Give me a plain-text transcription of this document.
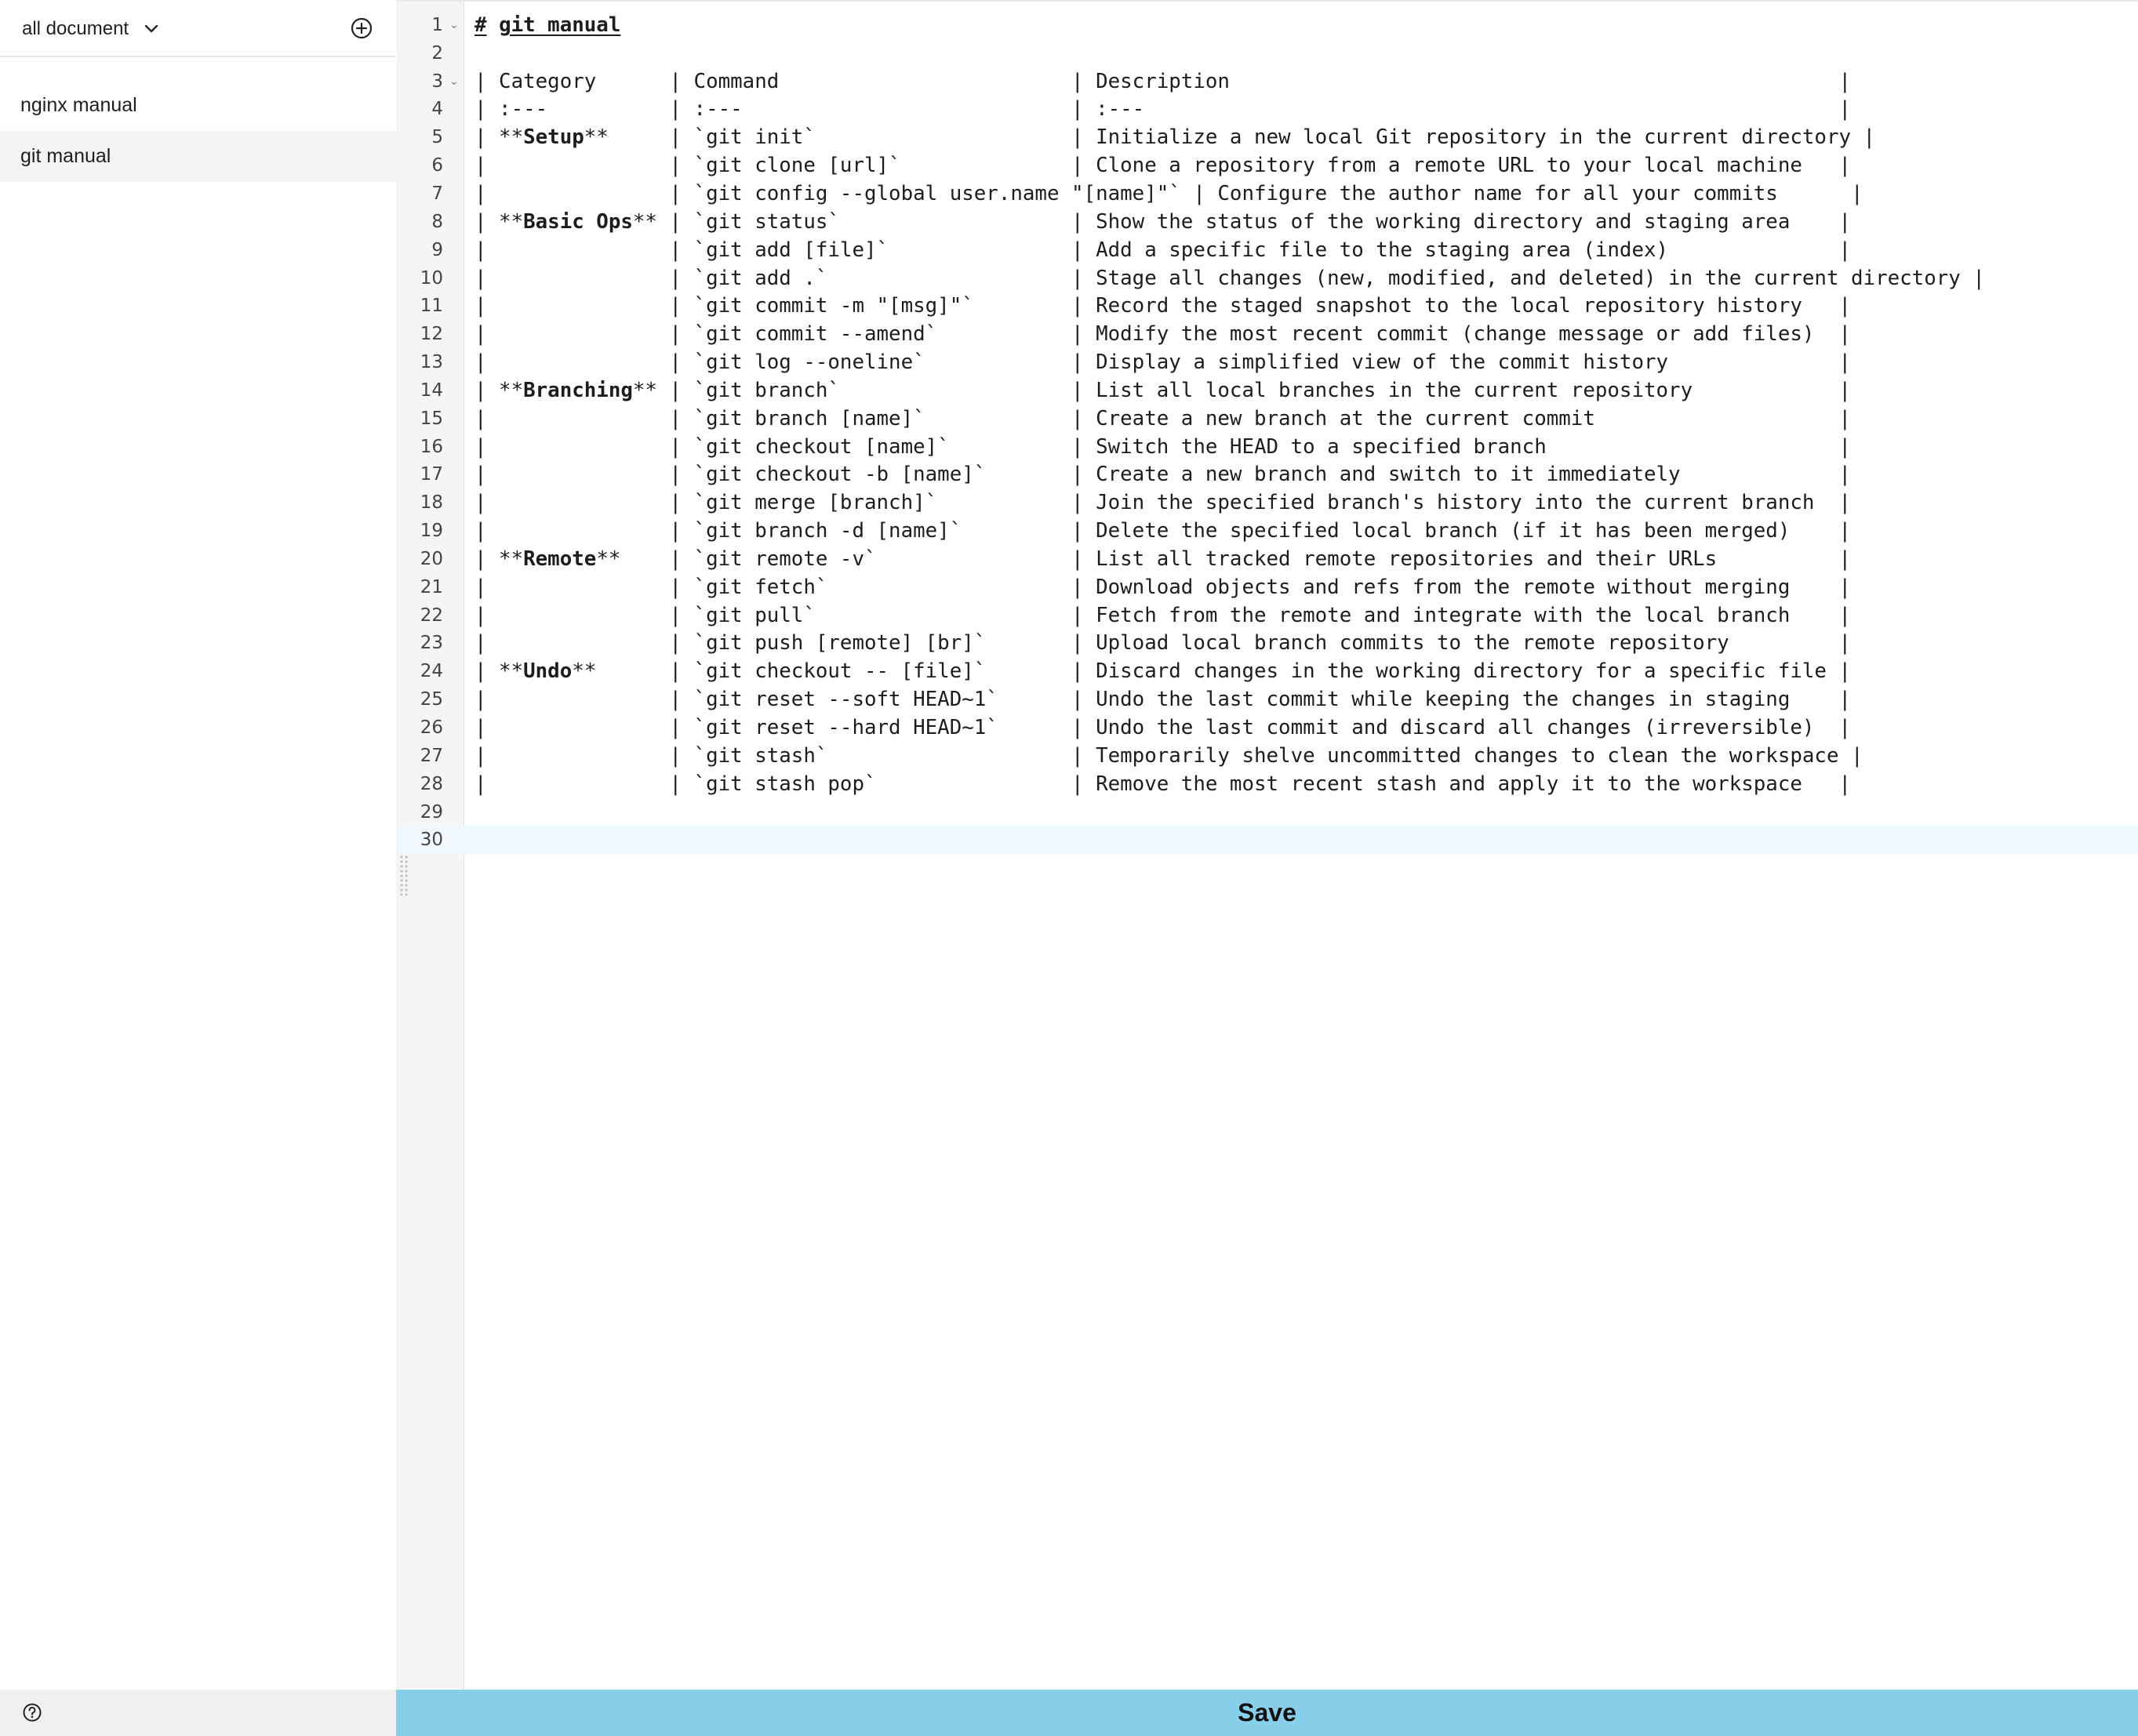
all document
nginx manual
git manual
1 ⌄ # git manual
2
3 ⌄ | Category      | Command                        | Description                                                  |
4 | :---          | :---                           | :---                                                         |
5 | **Setup**     | `git init`                     | Initialize a new local Git repository in the current directory |
6 |               | `git clone [url]`              | Clone a repository from a remote URL to your local machine   |
7 |               | `git config --global user.name "[name]"` | Configure the author name for all your commits      |
8 | **Basic Ops** | `git status`                   | Show the status of the working directory and staging area    |
9 |               | `git add [file]`               | Add a specific file to the staging area (index)              |
10 |               | `git add .`                    | Stage all changes (new, modified, and deleted) in the current directory |
11 |               | `git commit -m "[msg]"`        | Record the staged snapshot to the local repository history   |
12 |               | `git commit --amend`           | Modify the most recent commit (change message or add files)  |
13 |               | `git log --oneline`            | Display a simplified view of the commit history              |
14 | **Branching** | `git branch`                   | List all local branches in the current repository            |
15 |               | `git branch [name]`            | Create a new branch at the current commit                    |
16 |               | `git checkout [name]`          | Switch the HEAD to a specified branch                        |
17 |               | `git checkout -b [name]`       | Create a new branch and switch to it immediately             |
18 |               | `git merge [branch]`           | Join the specified branch's history into the current branch  |
19 |               | `git branch -d [name]`         | Delete the specified local branch (if it has been merged)    |
20 | **Remote**    | `git remote -v`                | List all tracked remote repositories and their URLs          |
21 |               | `git fetch`                    | Download objects and refs from the remote without merging    |
22 |               | `git pull`                     | Fetch from the remote and integrate with the local branch    |
23 |               | `git push [remote] [br]`       | Upload local branch commits to the remote repository         |
24 | **Undo**      | `git checkout -- [file]`       | Discard changes in the working directory for a specific file |
25 |               | `git reset --soft HEAD~1`      | Undo the last commit while keeping the changes in staging    |
26 |               | `git reset --hard HEAD~1`      | Undo the last commit and discard all changes (irreversible)  |
27 |               | `git stash`                    | Temporarily shelve uncommitted changes to clean the workspace |
28 |               | `git stash pop`                | Remove the most recent stash and apply it to the workspace   |
29
30
Save
